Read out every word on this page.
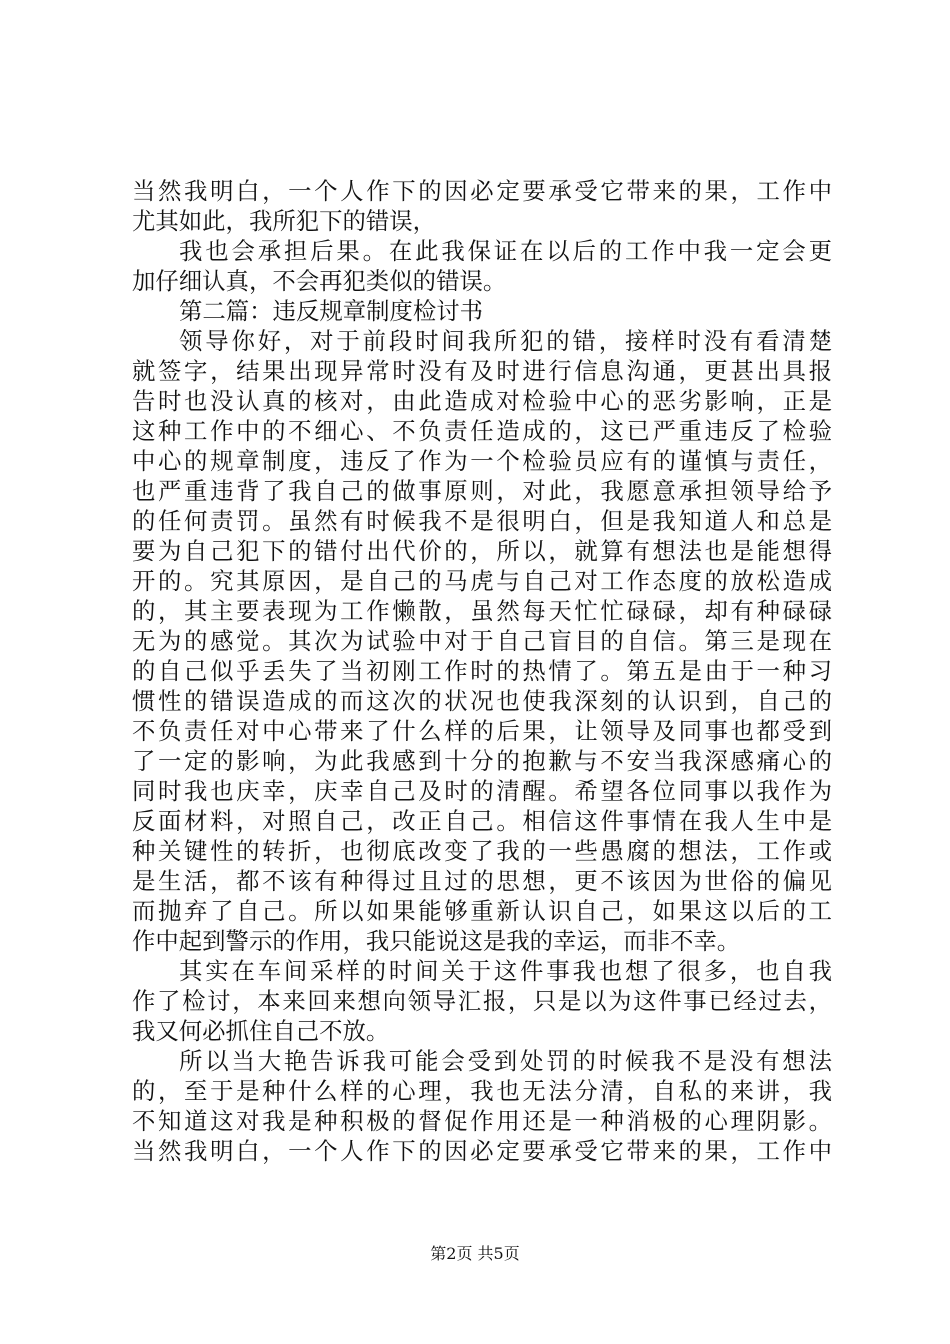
当然我明白，一个人作下的因必定要承受它带来的果，工作中
尤其如此，我所犯下的错误，
我也会承担后果。在此我保证在以后的工作中我一定会更
加仔细认真，不会再犯类似的错误。
第二篇：违反规章制度检讨书
领导你好，对于前段时间我所犯的错，接样时没有看清楚
就签字，结果出现异常时没有及时进行信息沟通，更甚出具报
告时也没认真的核对，由此造成对检验中心的恶劣影响，正是
这种工作中的不细心、不负责任造成的，这已严重违反了检验
中心的规章制度，违反了作为一个检验员应有的谨慎与责任，
也严重违背了我自己的做事原则，对此，我愿意承担领导给予
的任何责罚。虽然有时候我不是很明白，但是我知道人和总是
要为自己犯下的错付出代价的，所以，就算有想法也是能想得
开的。究其原因，是自己的马虎与自己对工作态度的放松造成
的，其主要表现为工作懒散，虽然每天忙忙碌碌，却有种碌碌
无为的感觉。其次为试验中对于自己盲目的自信。第三是现在
的自己似乎丢失了当初刚工作时的热情了。第五是由于一种习
惯性的错误造成的而这次的状况也使我深刻的认识到，自己的
不负责任对中心带来了什么样的后果，让领导及同事也都受到
了一定的影响，为此我感到十分的抱歉与不安当我深感痛心的
同时我也庆幸，庆幸自己及时的清醒。希望各位同事以我作为
反面材料，对照自己，改正自己。相信这件事情在我人生中是
种关键性的转折，也彻底改变了我的一些愚腐的想法，工作或
是生活，都不该有种得过且过的思想，更不该因为世俗的偏见
而抛弃了自己。所以如果能够重新认识自己，如果这以后的工
作中起到警示的作用，我只能说这是我的幸运，而非不幸。
其实在车间采样的时间关于这件事我也想了很多，也自我
作了检讨，本来回来想向领导汇报，只是以为这件事已经过去，
我又何必抓住自己不放。
所以当大艳告诉我可能会受到处罚的时候我不是没有想法
的，至于是种什么样的心理，我也无法分清，自私的来讲，我
不知道这对我是种积极的督促作用还是一种消极的心理阴影。
当然我明白，一个人作下的因必定要承受它带来的果，工作中
第2页 共5页
